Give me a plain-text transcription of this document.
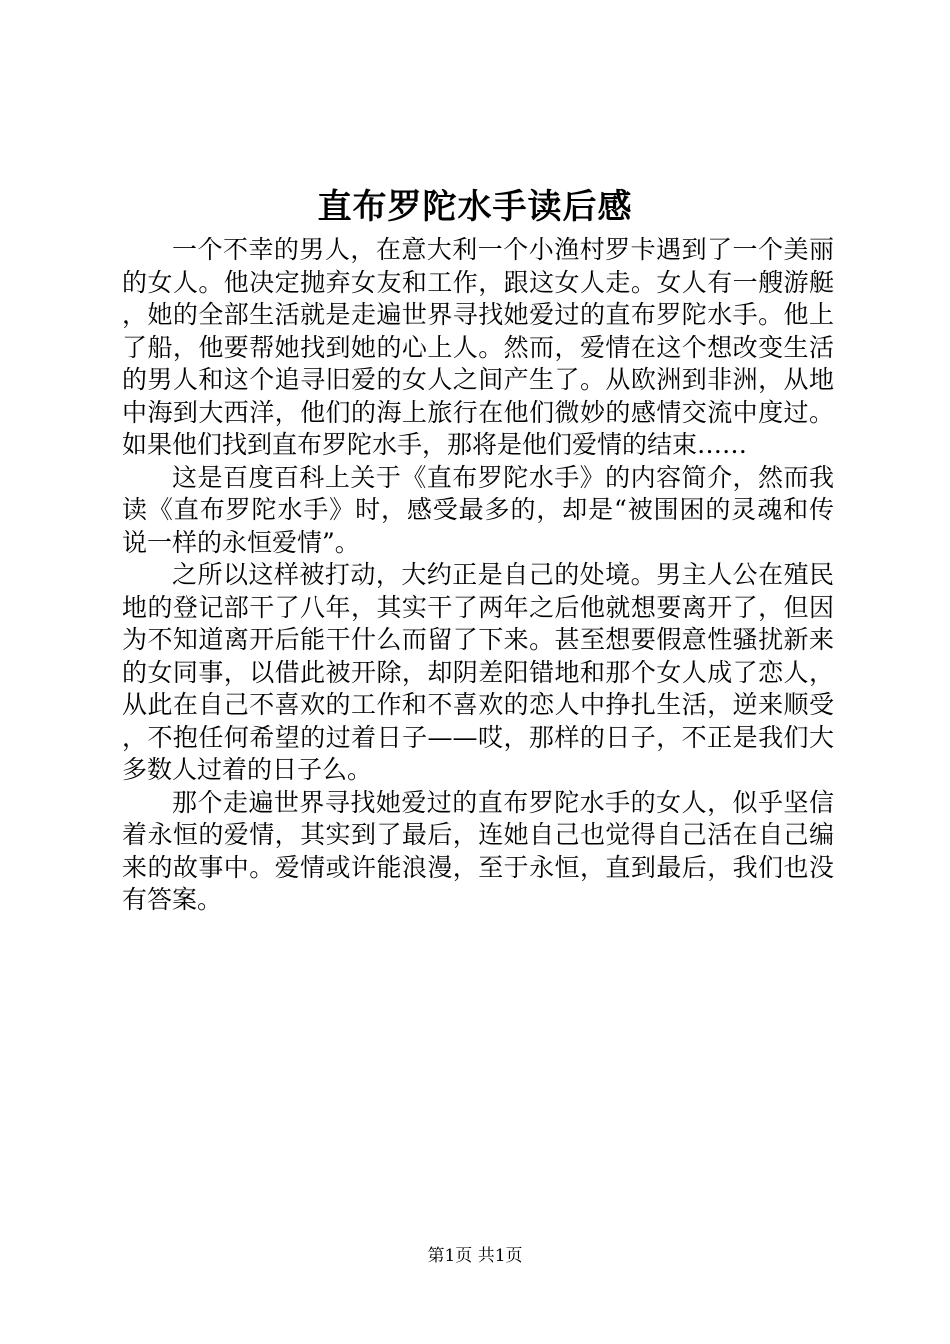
直布罗陀水手读后感

一个不幸的男人，在意大利一个小渔村罗卡遇到了一个美丽的女人。他决定抛弃女友和工作，跟这女人走。女人有一艘游艇，她的全部生活就是走遍世界寻找她爱过的直布罗陀水手。他上了船，他要帮她找到她的心上人。然而，爱情在这个想改变生活的男人和这个追寻旧爱的女人之间产生了。从欧洲到非洲，从地中海到大西洋，他们的海上旅行在他们微妙的感情交流中度过。如果他们找到直布罗陀水手，那将是他们爱情的结束……

这是百度百科上关于《直布罗陀水手》的内容简介，然而我读《直布罗陀水手》时，感受最多的，却是“被围困的灵魂和传说一样的永恒爱情”。

之所以这样被打动，大约正是自己的处境。男主人公在殖民地的登记部干了八年，其实干了两年之后他就想要离开了，但因为不知道离开后能干什么而留了下来。甚至想要假意性骚扰新来的女同事，以借此被开除，却阴差阳错地和那个女人成了恋人，从此在自己不喜欢的工作和不喜欢的恋人中挣扎生活，逆来顺受，不抱任何希望的过着日子——哎，那样的日子，不正是我们大多数人过着的日子么。

那个走遍世界寻找她爱过的直布罗陀水手的女人，似乎坚信着永恒的爱情，其实到了最后，连她自己也觉得自己活在自己编来的故事中。爱情或许能浪漫，至于永恒，直到最后，我们也没有答案。

第1页 共1页
